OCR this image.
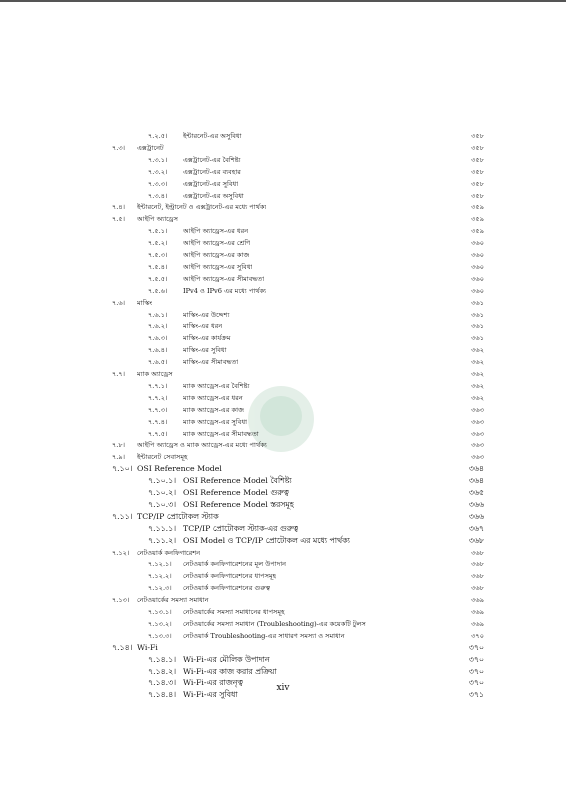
৭.২.৫। ইন্টারনেট-এর অসুবিধা	৩৫৮
৭.৩। এক্সট্রানেট	৩৫৮
৭.৩.১। এক্সট্রানেট-এর বৈশিষ্ট্য	৩৫৮
৭.৩.২। এক্সট্রানেট-এর ব্যবহার	৩৫৮
৭.৩.৩। এক্সট্রানেট-এর সুবিধা	৩৫৮
৭.৩.৪। এক্সট্রানেট-এর অসুবিধা	৩৫৮
৭.৪। ইন্টারনেট, ইন্ট্রানেট ও এক্সট্রানেট-এর মধ্যে পার্থক্য	৩৫৯
৭.৫। আইপি অ্যাড্রেস	৩৫৯
৭.৫.১। আইপি অ্যাড্রেস-এর ধরন	৩৫৯
৭.৫.২। আইপি অ্যাড্রেস-এর শ্রেণি	৩৬০
৭.৫.৩। আইপি অ্যাড্রেস-এর কাজ	৩৬০
৭.৫.৪। আইপি অ্যাড্রেস-এর সুবিধা	৩৬০
৭.৫.৫। আইপি অ্যাড্রেস-এর সীমাবদ্ধতা	৩৬০
৭.৫.৬। IPv4 ও IPv6 এর মধ্যে পার্থক্য	৩৬০
৭.৬। মাস্কিং	৩৬১
৭.৬.১। মাস্কিং-এর উদ্দেশ্য	৩৬১
৭.৬.২। মাস্কিং-এর ধরন	৩৬১
৭.৬.৩। মাস্কিং-এর কার্যক্রম	৩৬১
৭.৬.৪। মাস্কিং-এর সুবিধা	৩৬২
৭.৬.৫। মাস্কিং-এর সীমাবদ্ধতা	৩৬২
৭.৭। ম্যাক অ্যাড্রেস	৩৬২
৭.৭.১। ম্যাক অ্যাড্রেস-এর বৈশিষ্ট্য	৩৬২
৭.৭.২। ম্যাক অ্যাড্রেস-এর ধরন	৩৬২
৭.৭.৩। ম্যাক অ্যাড্রেস-এর কাজ	৩৬৩
৭.৭.৪। ম্যাক অ্যাড্রেস-এর সুবিধা	৩৬৩
৭.৭.৫। ম্যাক অ্যাড্রেস-এর সীমাবদ্ধতা	৩৬৩
৭.৮। আইপি অ্যাড্রেস ও ম্যাক অ্যাড্রেস-এর মধ্যে পার্থক্য	৩৬৩
৭.৯। ইন্টারনেট সেবাসমূহ	৩৬৩
৭.১০। OSI Reference Model	৩৬৪
৭.১০.১। OSI Reference Model বৈশিষ্ট্য	৩৬৪
৭.১০.২। OSI Reference Model গুরুত্ব	৩৬৫
৭.১০.৩। OSI Reference Model স্তরসমূহ	৩৬৬
৭.১১। TCP/IP প্রোটোকল স্ট্যাক	৩৬৬
৭.১১.১। TCP/IP প্রোটোকল স্ট্যাক-এর গুরুত্ব	৩৬৭
৭.১১.২। OSI Model ও TCP/IP প্রোটোকল এর মধ্যে পার্থক্য	৩৬৮
৭.১২। নেটওয়ার্ক কনফিগারেশন	৩৬৮
৭.১২.১। নেটওয়ার্ক কনফিগারেশনের মূল উপাদান	৩৬৮
৭.১২.২। নেটওয়ার্ক কনফিগারেশনের ধাপসমূহ	৩৬৮
৭.১২.৩। নেটওয়ার্ক কনফিগারেশনের গুরুত্ব	৩৬৮
৭.১৩। নেটওয়ার্কের সমস্যা সমাধান	৩৬৯
৭.১৩.১। নেটওয়ার্কের সমস্যা সমাধানের ধাপসমূহ	৩৬৯
৭.১৩.২। নেটওয়ার্কের সমস্যা সমাধান (Troubleshooting)-এর কয়েকটি টুলস	৩৬৯
৭.১৩.৩। নেটওয়ার্ক Troubleshooting-এর সাধারণ সমস্যা ও সমাধান	৩৭০
৭.১৪। Wi-Fi	৩৭০
৭.১৪.১। Wi-Fi-এর মৌলিক উপাদান	৩৭০
৭.১৪.২। Wi-Fi-এর কাজ করার প্রক্রিয়া	৩৭০
৭.১৪.৩। Wi-Fi-এর রাজনৃত্ব	৩৭০
৭.১৪.৪। Wi-Fi-এর সুবিধা	৩৭১
xiv
